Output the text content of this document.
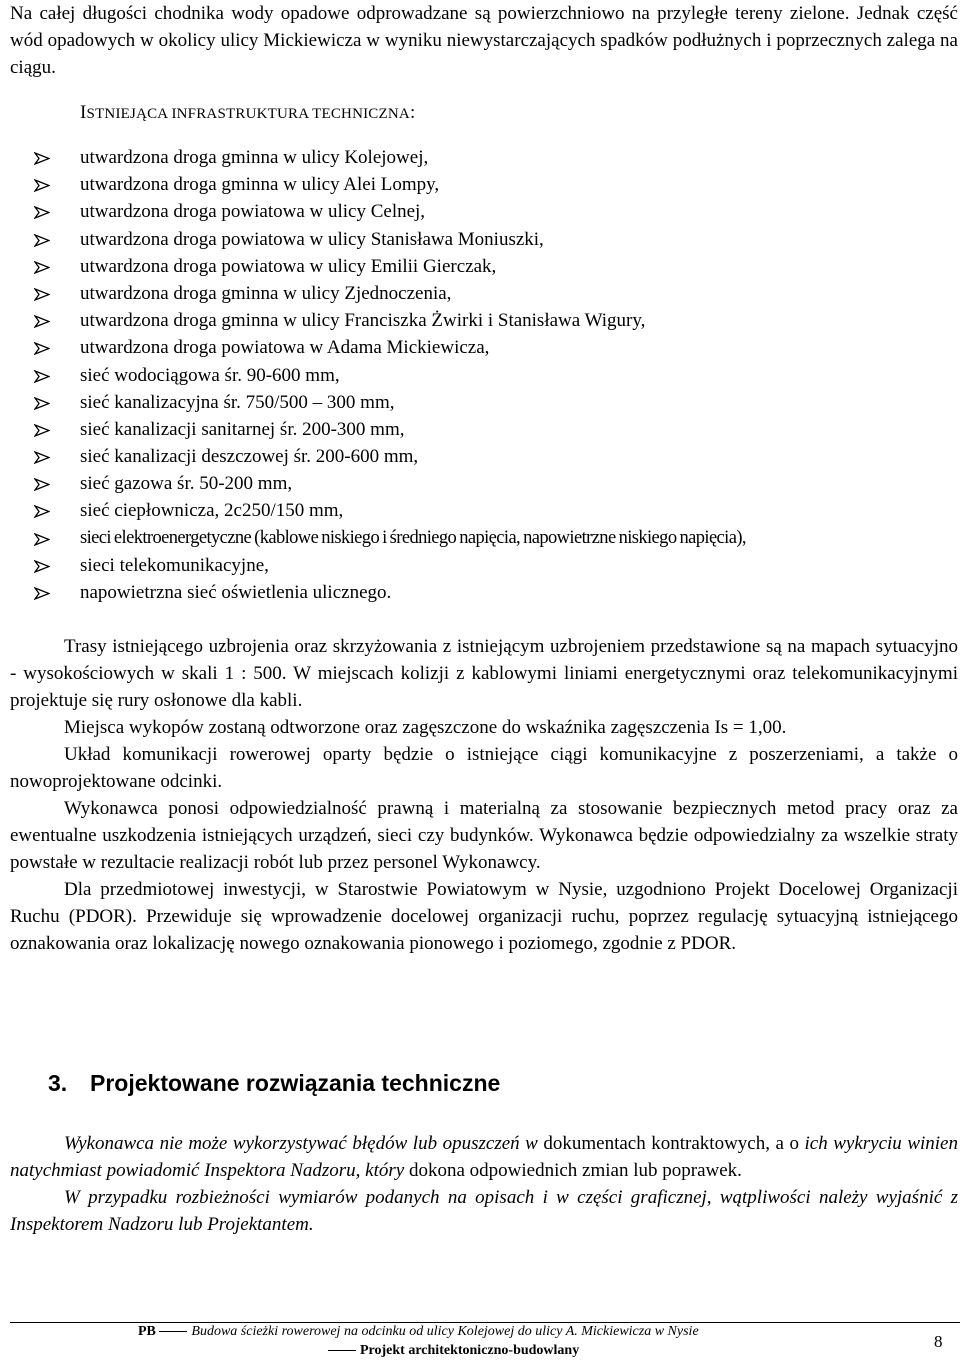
Na całej długości chodnika wody opadowe odprowadzane są powierzchniowo na przyległe tereny zielone. Jednak część wód opadowych w okolicy ulicy Mickiewicza w wyniku niewystarczających spadków podłużnych i poprzecznych zalega na ciągu.

ISTNIEJĄCA INFRASTRUKTURA TECHNICZNA:

utwardzona droga gminna w ulicy Kolejowej,
utwardzona droga gminna w ulicy Alei Lompy,
utwardzona droga powiatowa w ulicy Celnej,
utwardzona droga powiatowa w ulicy Stanisława Moniuszki,
utwardzona droga powiatowa w ulicy Emilii Gierczak,
utwardzona droga gminna w ulicy Zjednoczenia,
utwardzona droga gminna w ulicy Franciszka Żwirki i Stanisława Wigury,
utwardzona droga powiatowa w Adama Mickiewicza,
sieć wodociągowa śr. 90-600 mm,
sieć kanalizacyjna śr. 750/500 – 300 mm,
sieć kanalizacji sanitarnej śr. 200-300 mm,
sieć kanalizacji deszczowej śr. 200-600 mm,
sieć gazowa śr. 50-200 mm,
sieć ciepłownicza, 2c250/150 mm,
sieci elektroenergetyczne (kablowe niskiego i średniego napięcia, napowietrzne niskiego napięcia),
sieci telekomunikacyjne,
napowietrzna sieć oświetlenia ulicznego.

Trasy istniejącego uzbrojenia oraz skrzyżowania z istniejącym uzbrojeniem przedstawione są na mapach sytuacyjno - wysokościowych w skali 1 : 500. W miejscach kolizji z kablowymi liniami energetycznymi oraz telekomunikacyjnymi projektuje się rury osłonowe dla kabli.

Miejsca wykopów zostaną odtworzone oraz zagęszczone do wskaźnika zagęszczenia Is = 1,00.

Układ komunikacji rowerowej oparty będzie o istniejące ciągi komunikacyjne z poszerzeniami, a także o nowoprojektowane odcinki.

Wykonawca ponosi odpowiedzialność prawną i materialną za stosowanie bezpiecznych metod pracy oraz za ewentualne uszkodzenia istniejących urządzeń, sieci czy budynków. Wykonawca będzie odpowiedzialny za wszelkie straty powstałe w rezultacie realizacji robót lub przez personel Wykonawcy.

Dla przedmiotowej inwestycji, w Starostwie Powiatowym w Nysie, uzgodniono Projekt Docelowej Organizacji Ruchu (PDOR). Przewiduje się wprowadzenie docelowej organizacji ruchu, poprzez regulację sytuacyjną istniejącego oznakowania oraz lokalizację nowego oznakowania pionowego i poziomego, zgodnie z PDOR.

3. Projektowane rozwiązania techniczne

Wykonawca nie może wykorzystywać błędów lub opuszczeń w dokumentach kontraktowych, a o ich wykryciu winien natychmiast powiadomić Inspektora Nadzoru, który dokona odpowiednich zmian lub poprawek.

W przypadku rozbieżności wymiarów podanych na opisach i w części graficznej, wątpliwości należy wyjaśnić z Inspektorem Nadzoru lub Projektantem.

PB	Budowa ścieżki rowerowej na odcinku od ulicy Kolejowej do ulicy A. Mickiewicza w Nysie
Projekt architektoniczno-budowlany	8
